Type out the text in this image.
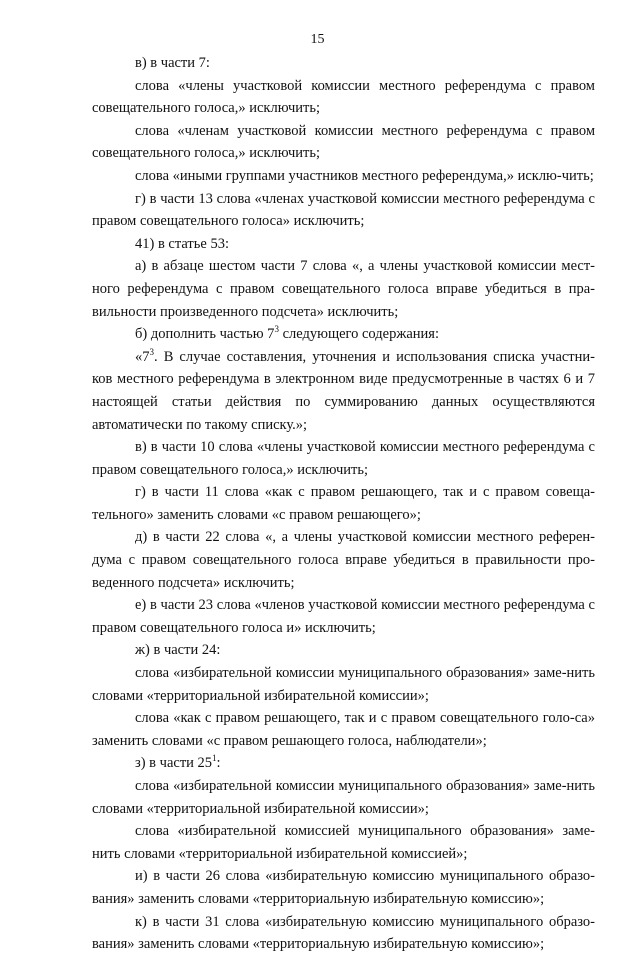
15

в) в части 7:

слова «члены участковой комиссии местного референдума с правом совещательного голоса,» исключить;

слова «членам участковой комиссии местного референдума с правом совещательного голоса,» исключить;

слова «иными группами участников местного референдума,» исклю-чить;

г) в части 13 слова «членах участковой комиссии местного референдума с правом совещательного голоса» исключить;

41) в статье 53:

а) в абзаце шестом части 7 слова «, а члены участковой комиссии мест-ного референдума с правом совещательного голоса вправе убедиться в пра-вильности произведенного подсчета» исключить;

б) дополнить частью $7^3$ следующего содержания:

«$7^3$. В случае составления, уточнения и использования списка участни-ков местного референдума в электронном виде предусмотренные в частях 6 и 7 настоящей статьи действия по суммированию данных осуществляются автоматически по такому списку.»;

в) в части 10 слова «члены участковой комиссии местного референдума с правом совещательного голоса,» исключить;

г) в части 11 слова «как с правом решающего, так и с правом совеща-тельного» заменить словами «с правом решающего»;

д) в части 22 слова «, а члены участковой комиссии местного референ-дума с правом совещательного голоса вправе убедиться в правильности про-веденного подсчета» исключить;

е) в части 23 слова «членов участковой комиссии местного референдума с правом совещательного голоса и» исключить;

ж) в части 24:

слова «избирательной комиссии муниципального образования» заме-нить словами «территориальной избирательной комиссии»;

слова «как с правом решающего, так и с правом совещательного голо-са» заменить словами «с правом решающего голоса, наблюдатели»;

з) в части $25^1$:

слова «избирательной комиссии муниципального образования» заме-нить словами «территориальной избирательной комиссии»;

слова «избирательной комиссией муниципального образования» заме-нить словами «территориальной избирательной комиссией»;

и) в части 26 слова «избирательную комиссию муниципального образо-вания» заменить словами «территориальную избирательную комиссию»;

к) в части 31 слова «избирательную комиссию муниципального образо-вания» заменить словами «территориальную избирательную комиссию»;
